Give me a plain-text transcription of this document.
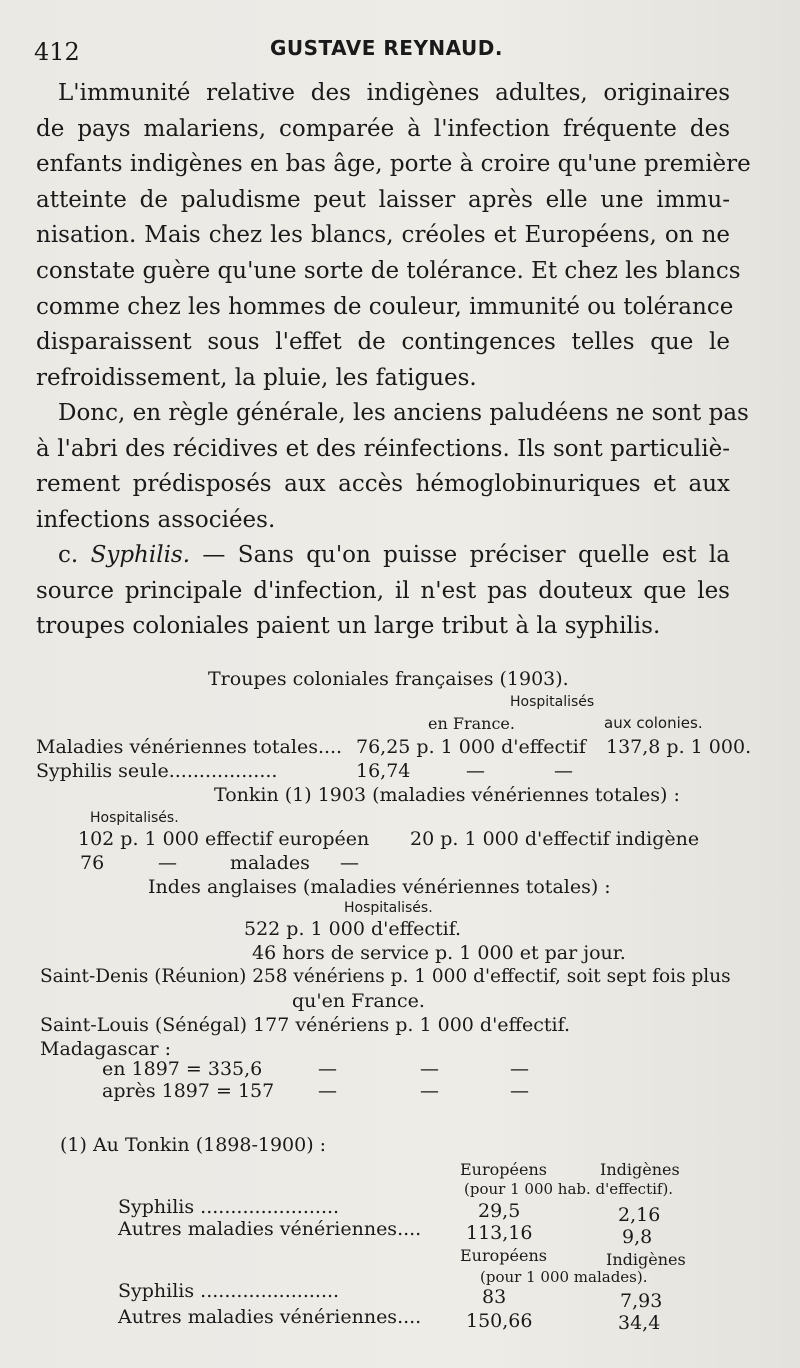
412	GUSTAVE REYNAUD.
L'immunité relative des indigènes adultes, originaires
de pays malariens, comparée à l'infection fréquente des
enfants indigènes en bas âge, porte à croire qu'une première
atteinte de paludisme peut laisser après elle une immu-
nisation. Mais chez les blancs, créoles et Européens, on ne
constate guère qu'une sorte de tolérance. Et chez les blancs
comme chez les hommes de couleur, immunité ou tolérance
disparaissent sous l'effet de contingences telles que le
refroidissement, la pluie, les fatigues.
Donc, en règle générale, les anciens paludéens ne sont pas
à l'abri des récidives et des réinfections. Ils sont particuliè-
rement prédisposés aux accès hémoglobinuriques et aux
infections associées.
c. Syphilis. — Sans qu'on puisse préciser quelle est la
source principale d'infection, il n'est pas douteux que les
troupes coloniales paient un large tribut à la syphilis.
Troupes coloniales françaises (1903).
Hospitalisés
en France.	aux colonies.
Maladies vénériennes totales.... 76,25 p. 1 000 d'effectif 137,8 p. 1 000.
Syphilis seule..................	16,74	—	—
Tonkin (1) 1903 (maladies vénériennes totales) :
Hospitalisés.
102 p. 1 000 effectif européen 20 p. 1 000 d'effectif indigène
76	—	malades —
Indes anglaises (maladies vénériennes totales) :
Hospitalisés.
522 p. 1 000 d'effectif.
46 hors de service p. 1 000 et par jour.
Saint-Denis (Réunion) 258 vénériens p. 1 000 d'effectif, soit sept fois plus
qu'en France.
Saint-Louis (Sénégal) 177 vénériens p. 1 000 d'effectif.
Madagascar :
en 1897 = 335,6	—	—	—
après 1897 = 157 —	—	—
(1) Au Tonkin (1898-1900) :
Européens	Indigènes
(pour 1 000 hab. d'effectif).
Syphilis .......................	29,5	2,16
Autres maladies vénériennes.... 113,16	9,8
Européens	Indigènes
(pour 1 000 malades).
Syphilis .......................	83	7,93
Autres maladies vénériennes.... 150,66	34,4
